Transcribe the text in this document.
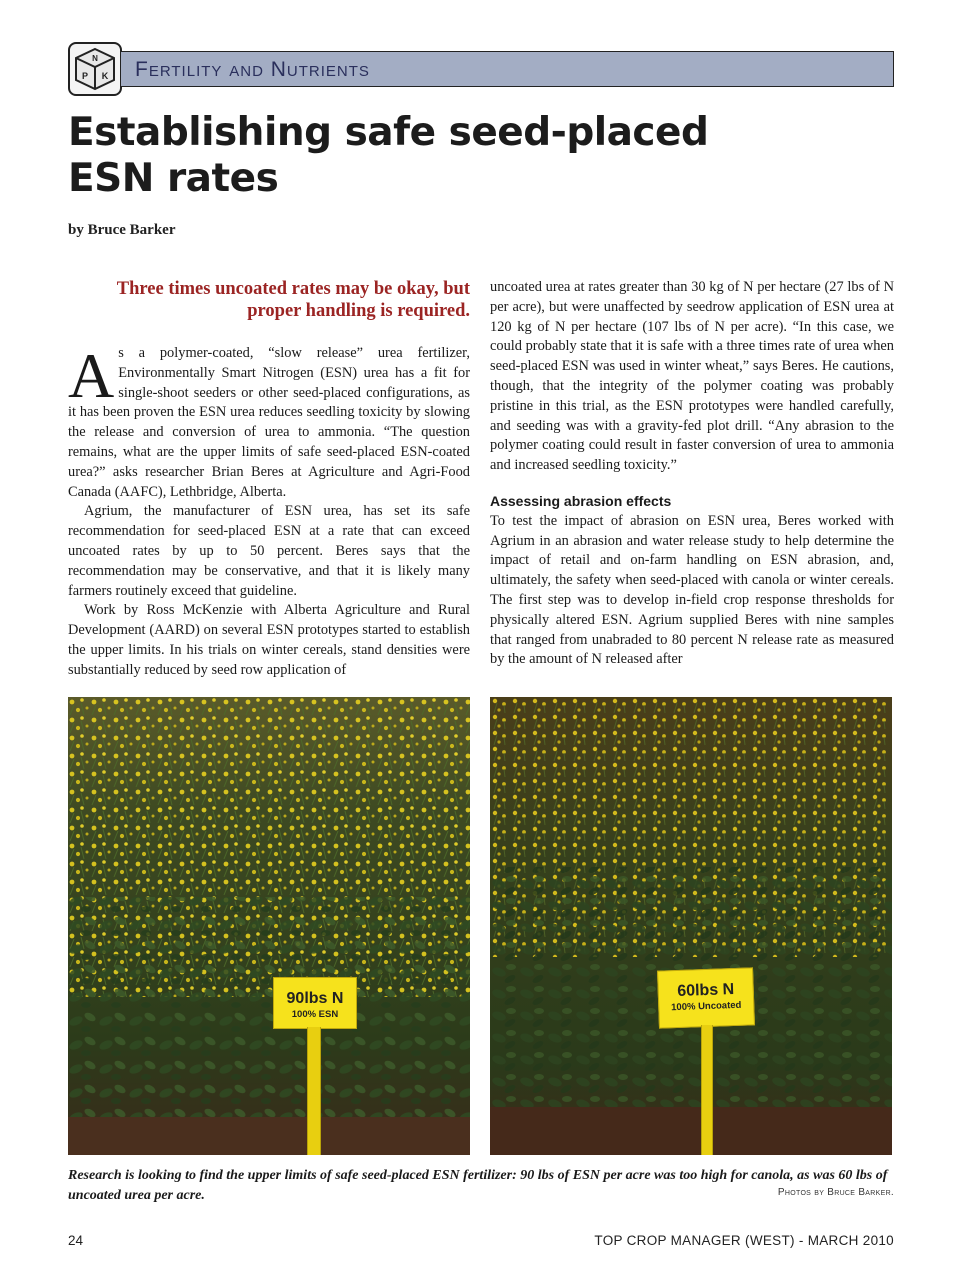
N
P K Fertility and Nutrients
Establishing safe seed-placed ESN rates
by Bruce Barker
Three times uncoated rates may be okay, but proper handling is required.

As a polymer-coated, “slow release” urea fertilizer, Environmentally Smart Nitrogen (ESN) urea has a fit for single-shoot seeders or other seed-placed configurations, as it has been proven the ESN urea reduces seedling toxicity by slowing the release and conversion of urea to ammonia. “The question remains, what are the upper limits of safe seed-placed ESN-coated urea?” asks researcher Brian Beres at Agriculture and Agri-Food Canada (AAFC), Lethbridge, Alberta.

Agrium, the manufacturer of ESN urea, has set its safe recommendation for seed-placed ESN at a rate that can exceed uncoated rates by up to 50 percent. Beres says that the recommendation may be conservative, and that it is likely many farmers routinely exceed that guideline.

Work by Ross McKenzie with Alberta Agriculture and Rural Development (AARD) on several ESN prototypes started to establish the upper limits. In his trials on winter cereals, stand densities were substantially reduced by seed row application of

uncoated urea at rates greater than 30 kg of N per hectare (27 lbs of N per acre), but were unaffected by seedrow application of ESN urea at 120 kg of N per hectare (107 lbs of N per acre). “In this case, we could probably state that it is safe with a three times rate of urea when seed-placed ESN was used in winter wheat,” says Beres. He cautions, though, that the integrity of the polymer coating was probably pristine in this trial, as the ESN prototypes were handled carefully, and seeding was with a gravity-fed plot drill. “Any abrasion to the polymer coating could result in faster conversion of urea to ammonia and increased seedling toxicity.”

Assessing abrasion effects

To test the impact of abrasion on ESN urea, Beres worked with Agrium in an abrasion and water release study to help determine the impact of retail and on-farm handling on ESN abrasion, and, ultimately, the safety when seed-placed with canola or winter cereals. The first step was to develop in-field crop response thresholds for physically altered ESN. Agrium supplied Beres with nine samples that ranged from unabraded to 80 percent N release rate as measured by the amount of N released after

90lbs N
100% ESN
60lbs N
100% Uncoated
Research is looking to find the upper limits of safe seed-placed ESN fertilizer: 90 lbs of ESN per acre was too high for canola, as was 60 lbs of uncoated urea per acre.	Photos by Bruce Barker.
24	TOP CROP MANAGER (WEST) - MARCH 2010
